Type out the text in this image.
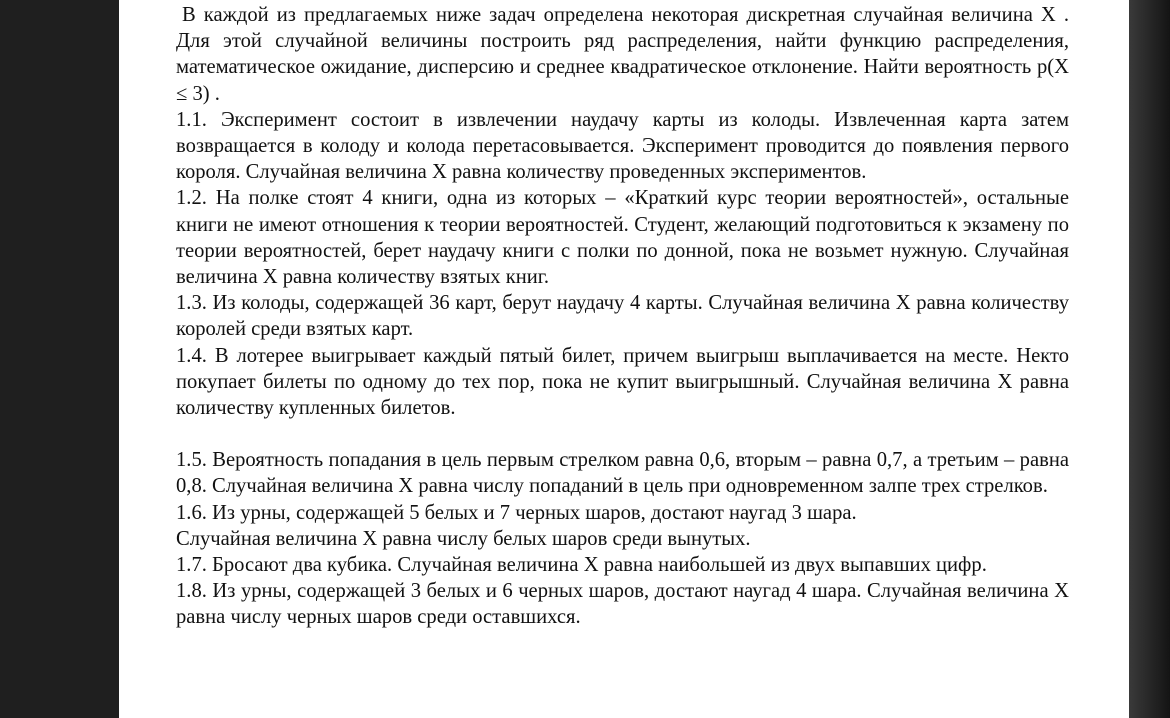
В каждой из предлагаемых ниже задач определена некоторая дискретная случайная величина X . Для этой случайной величины построить ряд распределения, найти функцию распределения, математическое ожидание, дисперсию и среднее квадратическое отклонение. Найти вероятность p(X ≤ 3) .

1.1. Эксперимент состоит в извлечении наудачу карты из колоды. Извлеченная карта затем возвращается в колоду и колода перетасовывается. Эксперимент проводится до появления первого короля. Случайная величина X равна количеству проведенных экспериментов.

1.2. На полке стоят 4 книги, одна из которых – «Краткий курс теории вероятностей», остальные книги не имеют отношения к теории вероятностей. Студент, желающий подготовиться к экзамену по теории вероятностей, берет наудачу книги с полки по донной, пока не возьмет нужную. Случайная величина X равна количеству взятых книг.

1.3. Из колоды, содержащей 36 карт, берут наудачу 4 карты. Случайная величина X равна количеству королей среди взятых карт.

1.4. В лотерее выигрывает каждый пятый билет, причем выигрыш выплачивается на месте. Некто покупает билеты по одному до тех пор, пока не купит выигрышный. Случайная величина X равна количеству купленных билетов.

1.5. Вероятность попадания в цель первым стрелком равна 0,6, вторым – равна 0,7, а третьим – равна 0,8. Случайная величина X равна числу попаданий в цель при одновременном залпе трех стрелков.

1.6. Из урны, содержащей 5 белых и 7 черных шаров, достают наугад 3 шара.

Случайная величина X равна числу белых шаров среди вынутых.

1.7. Бросают два кубика. Случайная величина X равна наибольшей из двух выпавших цифр.

1.8. Из урны, содержащей 3 белых и 6 черных шаров, достают наугад 4 шара. Случайная величина X равна числу черных шаров среди оставшихся.
